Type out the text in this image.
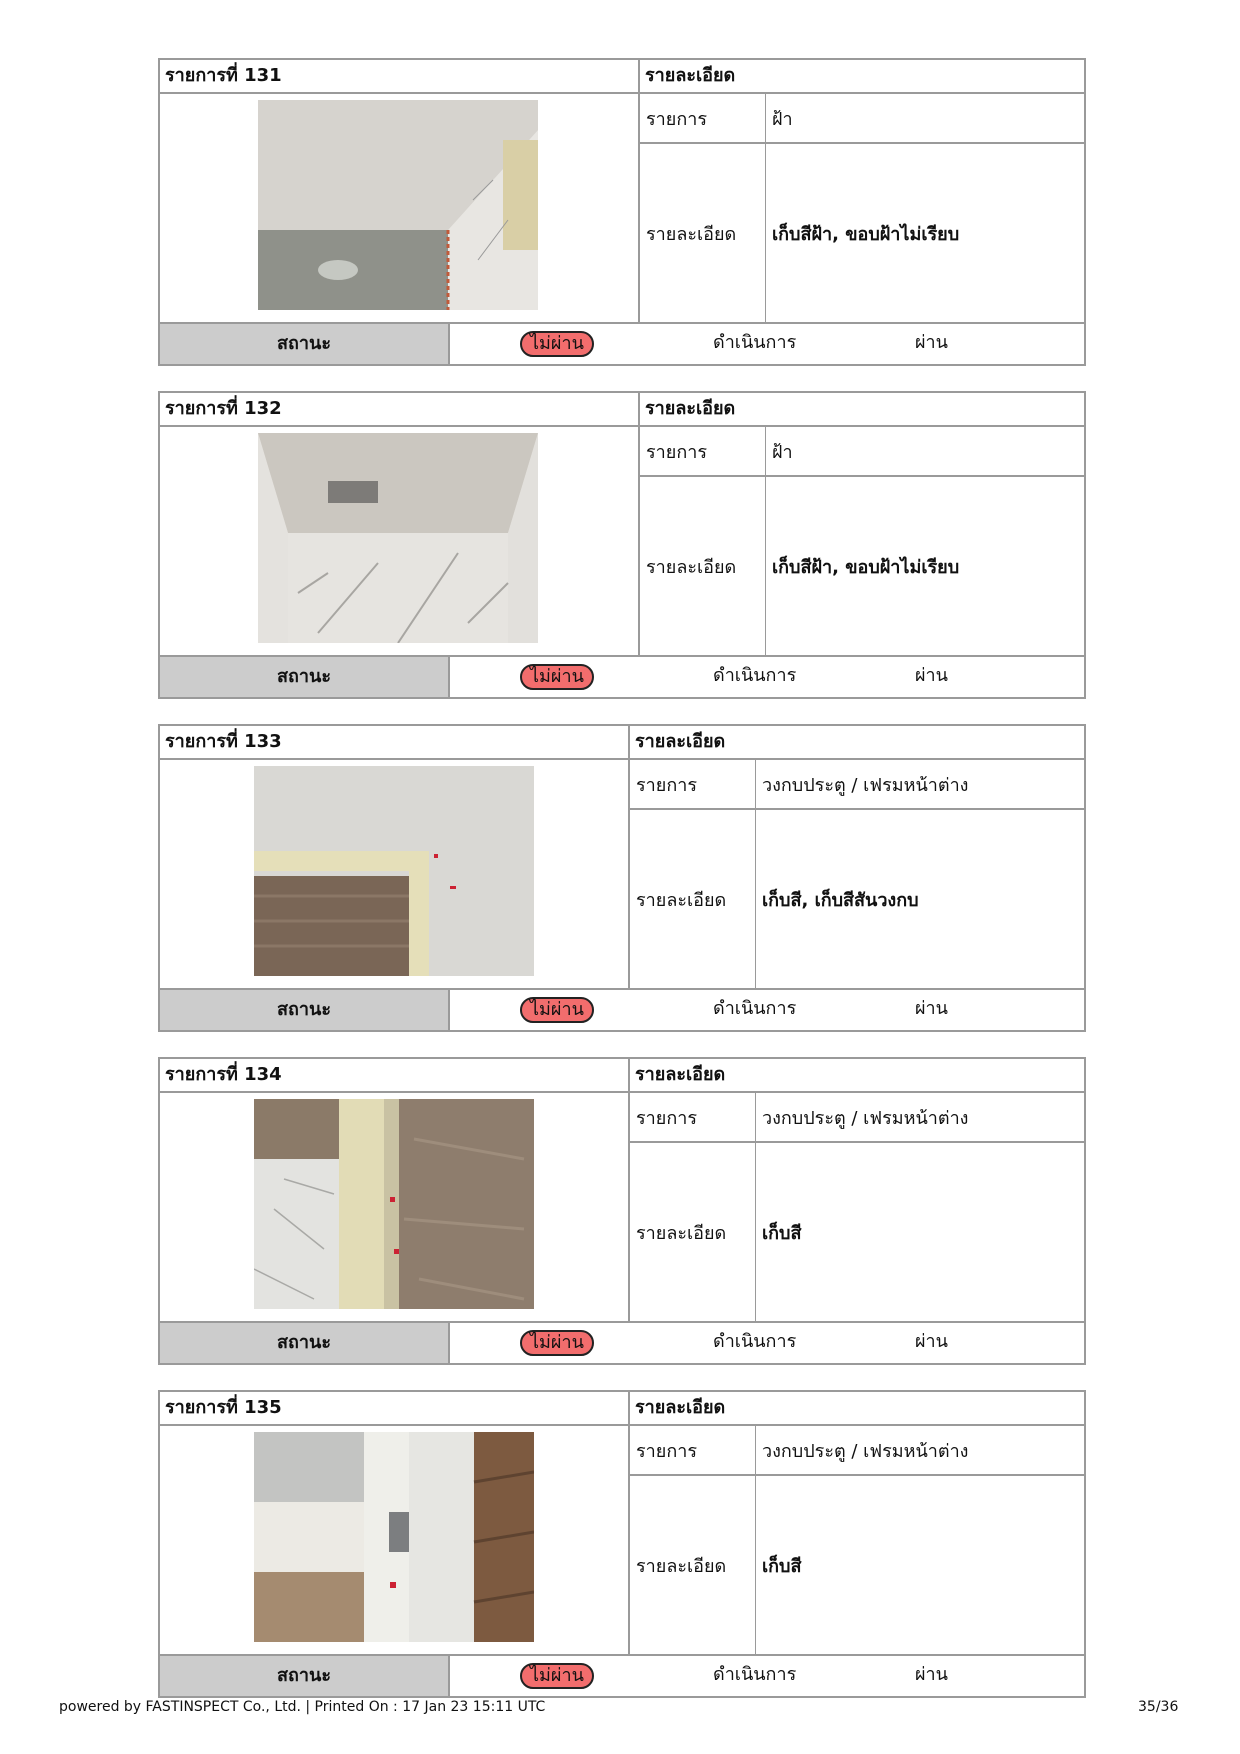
รายการที่ 131	รายละเอียด
รายการ	ฝ้า
รายละเอียด	เก็บสีฝ้า, ขอบฝ้าไม่เรียบ
สถานะ	ไม่ผ่าน	ดำเนินการ	ผ่าน
รายการที่ 132	รายละเอียด
รายการ	ฝ้า
รายละเอียด	เก็บสีฝ้า, ขอบฝ้าไม่เรียบ
สถานะ	ไม่ผ่าน	ดำเนินการ	ผ่าน
รายการที่ 133	รายละเอียด
รายการ	วงกบประตู / เฟรมหน้าต่าง
รายละเอียด	เก็บสี, เก็บสีสันวงกบ
สถานะ	ไม่ผ่าน	ดำเนินการ	ผ่าน
รายการที่ 134	รายละเอียด
รายการ	วงกบประตู / เฟรมหน้าต่าง
รายละเอียด	เก็บสี
สถานะ	ไม่ผ่าน	ดำเนินการ	ผ่าน
รายการที่ 135	รายละเอียด
รายการ	วงกบประตู / เฟรมหน้าต่าง
รายละเอียด	เก็บสี
สถานะ	ไม่ผ่าน	ดำเนินการ	ผ่าน
powered by FASTINSPECT Co., Ltd. | Printed On : 17 Jan 23 15:11 UTC	35/36
